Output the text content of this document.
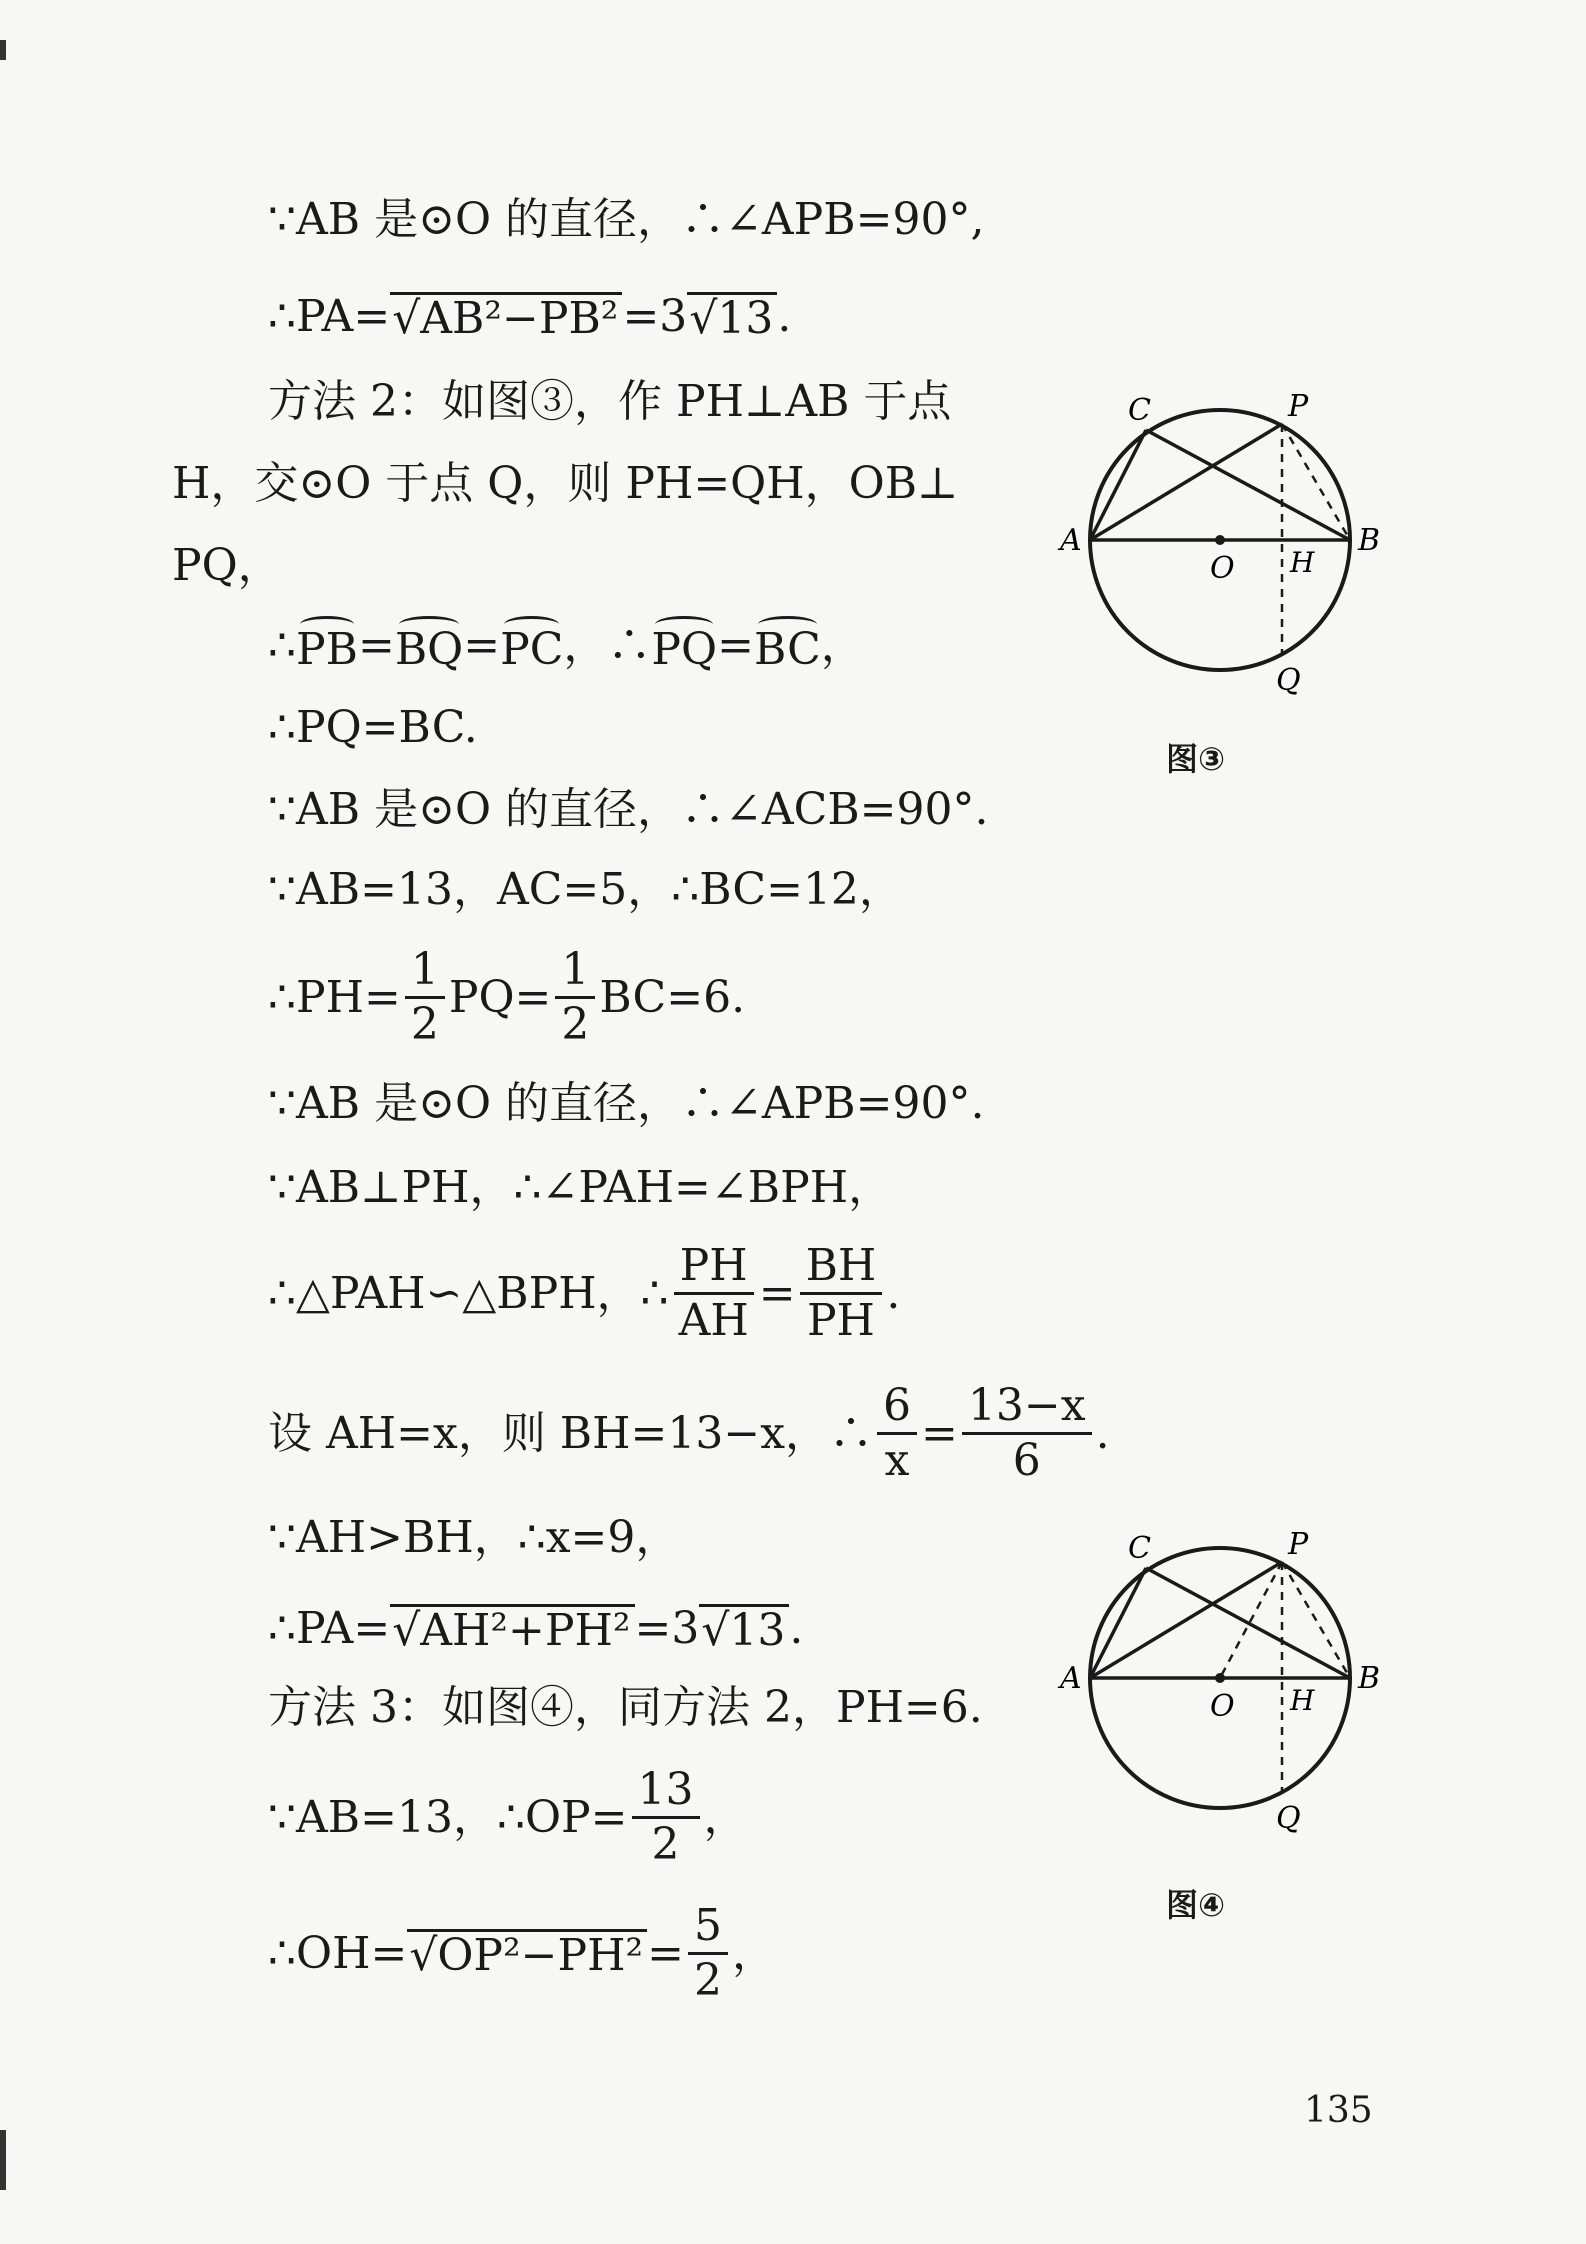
∵AB 是⊙O 的直径，∴∠APB=90°,
∴PA= √AB²−PB² =3 √13 .
方法 2：如图③，作 PH⊥AB 于点
H，交⊙O 于点 Q，则 PH=QH，OB⊥
PQ，
∴ PB = BQ = PC ，∴ PQ = BC ，
∴PQ=BC.
∵AB 是⊙O 的直径，∴∠ACB=90°.
∵AB=13，AC=5，∴BC=12，
∴PH= $\frac{1}{2} PQ= \frac{1}{2} BC=6$.
∵AB 是⊙O 的直径，∴∠APB=90°.
∵AB⊥PH，∴∠PAH=∠BPH，
∴△PAH∽△BPH，∴ $\frac{PH}{AH} = \frac{BH}{PH}$ .
设 AH=x，则 BH=13−x，∴ $\frac{6}{x} = \frac{13-x}{6}$ .
∵AH>BH，∴x=9，
∴PA= √AH²+PH² =3 √13 .
方法 3：如图④，同方法 2，PH=6.
∵AB=13，∴OP= $\frac{13}{2}$ ，
∴OH= $√OP^2-PH^2 = \frac{5}{2}$ ，
A	B
C	P
O H
Q
图③
A	B
C	P
O H
Q
图④
135
